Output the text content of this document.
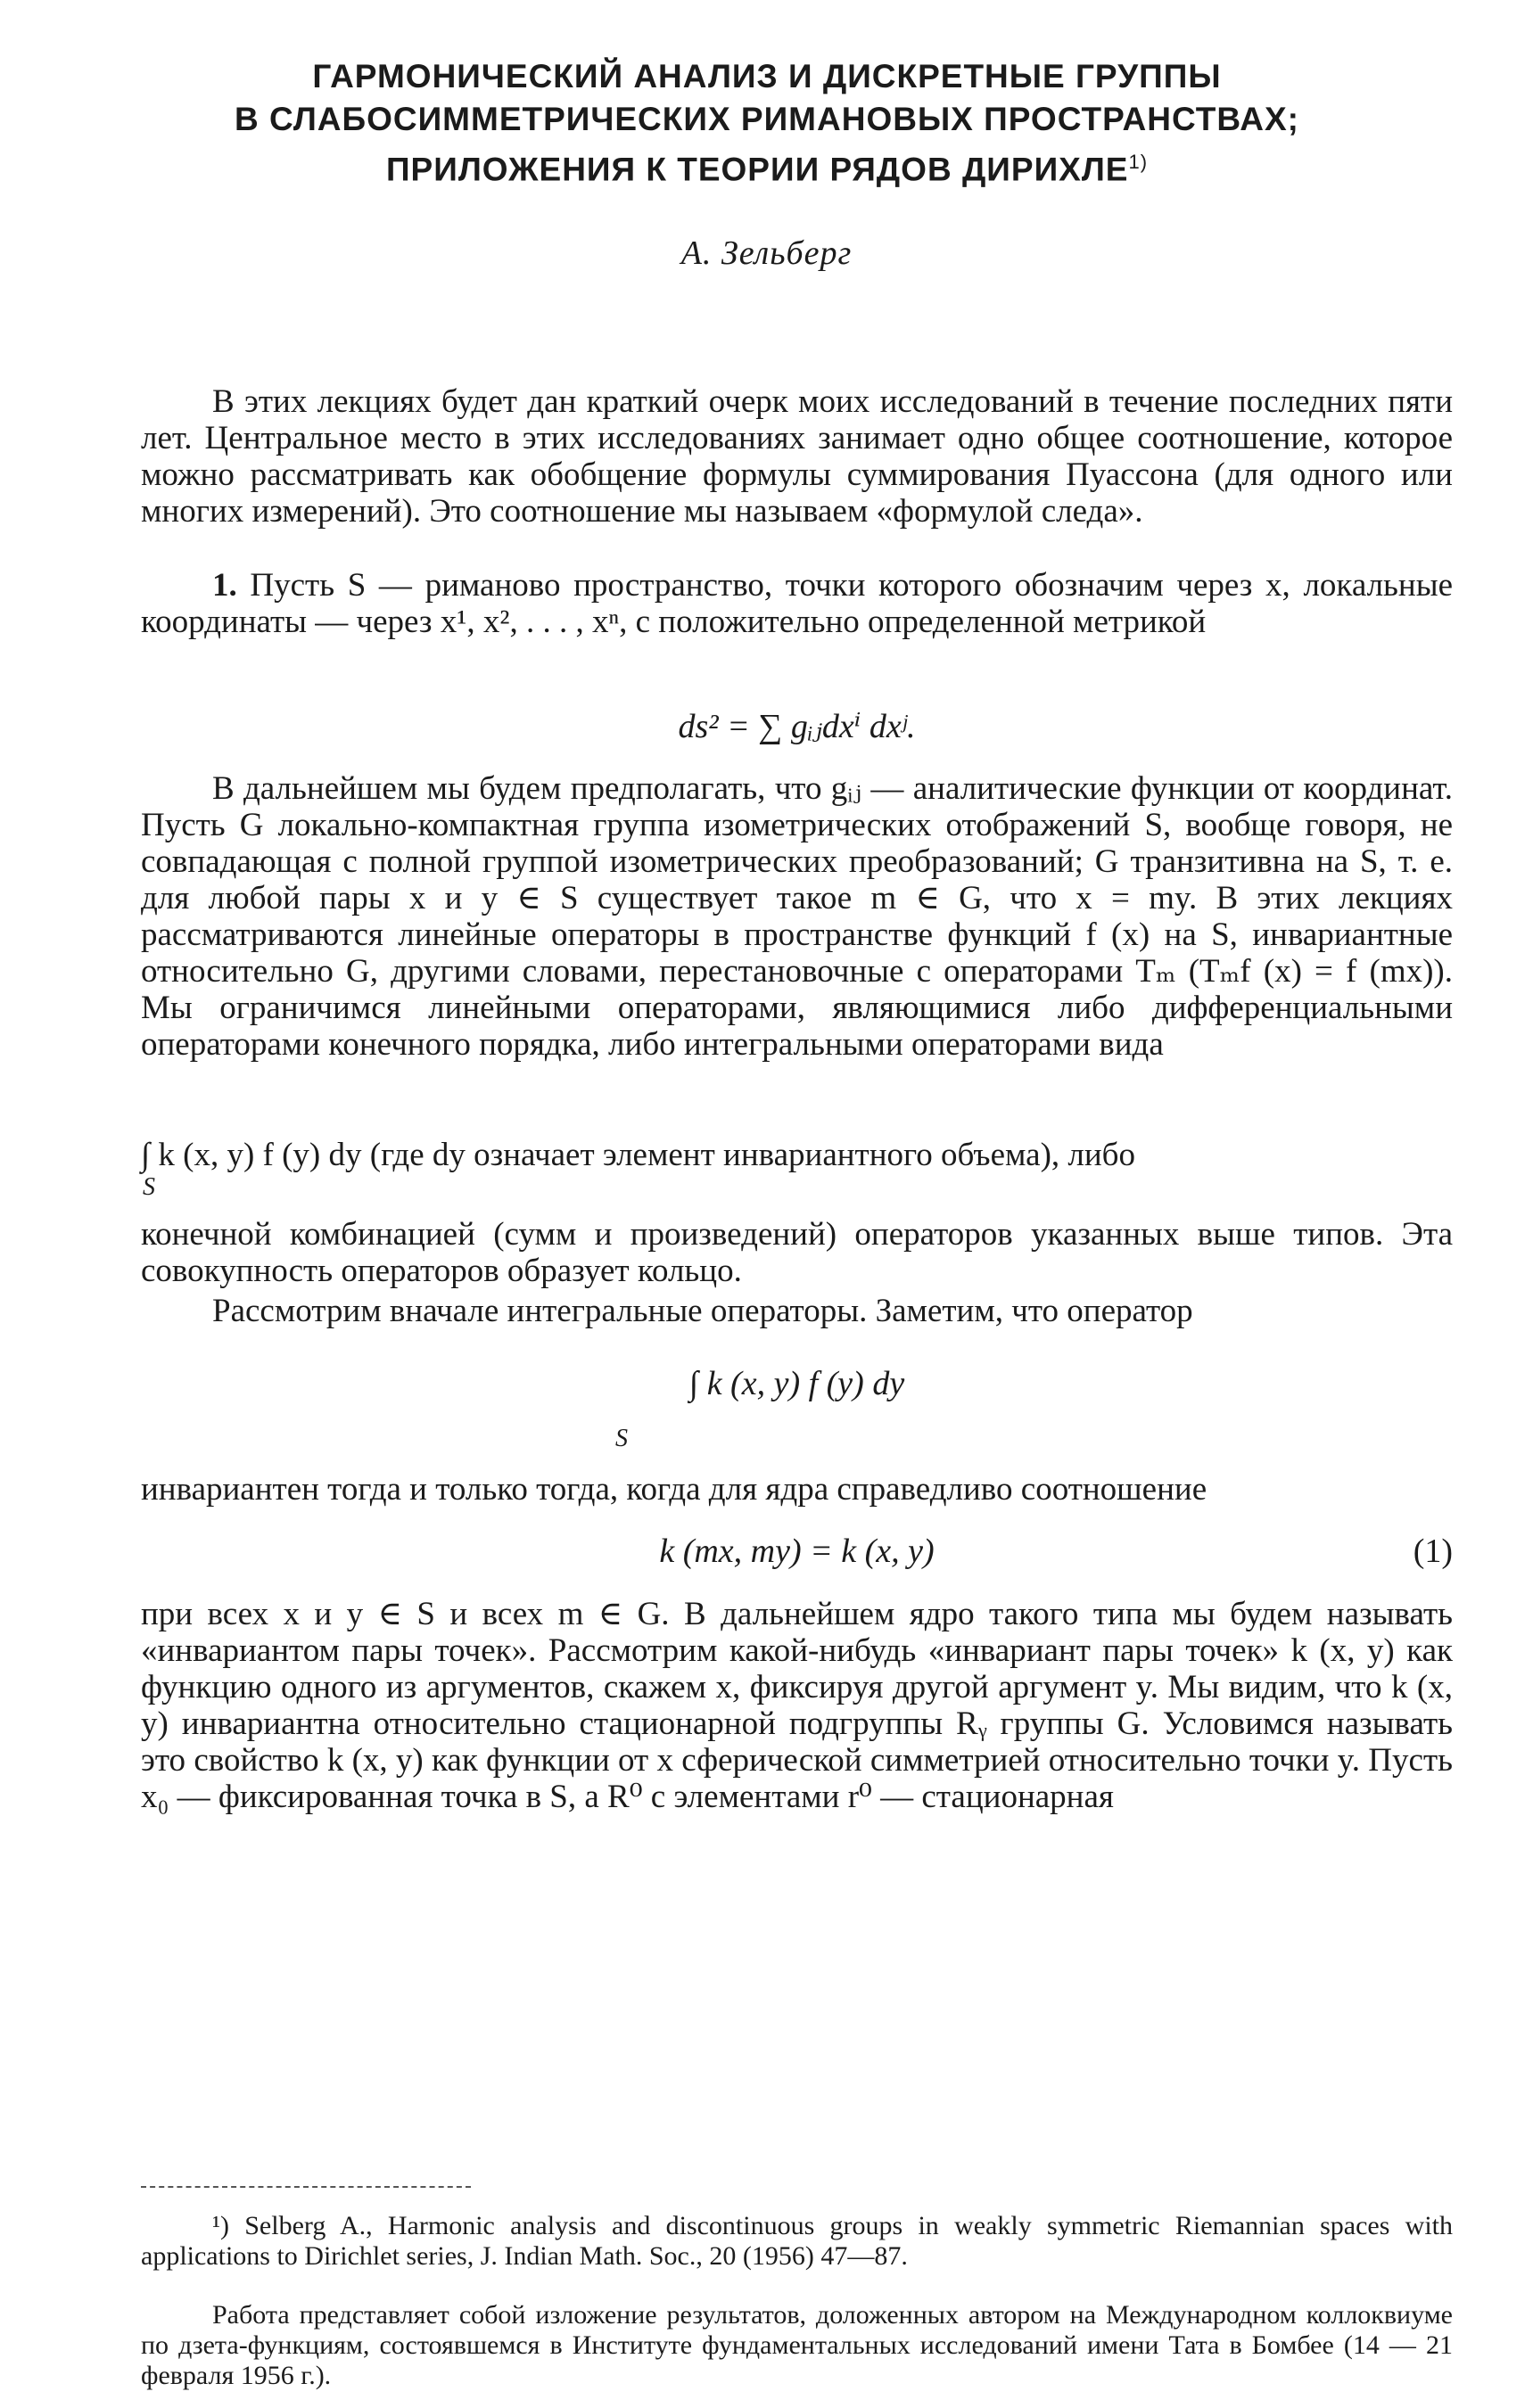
ГАРМОНИЧЕСКИЙ АНАЛИЗ И ДИСКРЕТНЫЕ ГРУППЫ
В СЛАБОСИММЕТРИЧЕСКИХ РИМАНОВЫХ ПРОСТРАНСТВАХ;
ПРИЛОЖЕНИЯ К ТЕОРИИ РЯДОВ ДИРИХЛЕ$^{1)}$
А. Зельберг

В этих лекциях будет дан краткий очерк моих исследований в течение последних пяти лет. Центральное место в этих исследованиях занимает одно общее соотношение, которое можно рассматривать как обобщение формулы суммирования Пуассона (для одного или многих измерений). Это соотношение мы называем «формулой следа».

1. Пусть S — риманово пространство, точки которого обозначим через x, локальные координаты — через x¹, x², . . . , xⁿ, с положительно определенной метрикой

ds² = ∑ gᵢⱼdxⁱ dxʲ.

В дальнейшем мы будем предполагать, что gᵢⱼ — аналитические функции от координат. Пусть G локально-компактная группа изометрических отображений S, вообще говоря, не совпадающая с полной группой изометрических преобразований; G транзитивна на S, т. е. для любой пары x и y ∈ S существует такое m ∈ G, что x = my. В этих лекциях рассматриваются линейные операторы в пространстве функций f (x) на S, инвариантные относительно G, другими словами, перестановочные с операторами Tₘ (Tₘf (x) = f (mx)). Мы ограничимся линейными операторами, являющимися либо дифференциальными операторами конечного порядка, либо интегральными операторами вида

∫ k (x, y) f (y) dy (где dy означает элемент инвариантного объема), либо

S

конечной комбинацией (сумм и произведений) операторов указанных выше типов. Эта совокупность операторов образует кольцо.

Рассмотрим вначале интегральные операторы. Заметим, что оператор

∫ k (x, y) f (y) dy
S

инвариантен тогда и только тогда, когда для ядра справедливо соотношение

k (mx, my) = k (x, y)	(1)

при всех x и y ∈ S и всех m ∈ G. В дальнейшем ядро такого типа мы будем называть «инвариантом пары точек». Рассмотрим какой-нибудь «инвариант пары точек» k (x, y) как функцию одного из аргументов, скажем x, фиксируя другой аргумент y. Мы видим, что k (x, y) инвариантна относительно стационарной подгруппы Rᵧ группы G. Условимся называть это свойство k (x, y) как функции от x сферической симметрией относительно точки y. Пусть x₀ — фиксированная точка в S, а R⁰ с элементами r⁰ — стационарная

¹) Selberg A., Harmonic analysis and discontinuous groups in weakly symmetric Riemannian spaces with applications to Dirichlet series, J. Indian Math. Soc., 20 (1956) 47—87.

Работа представляет собой изложение результатов, доложенных автором на Международном коллоквиуме по дзета-функциям, состоявшемся в Институте фундаментальных исследований имени Тата в Бомбее (14 — 21 февраля 1956 г.).
